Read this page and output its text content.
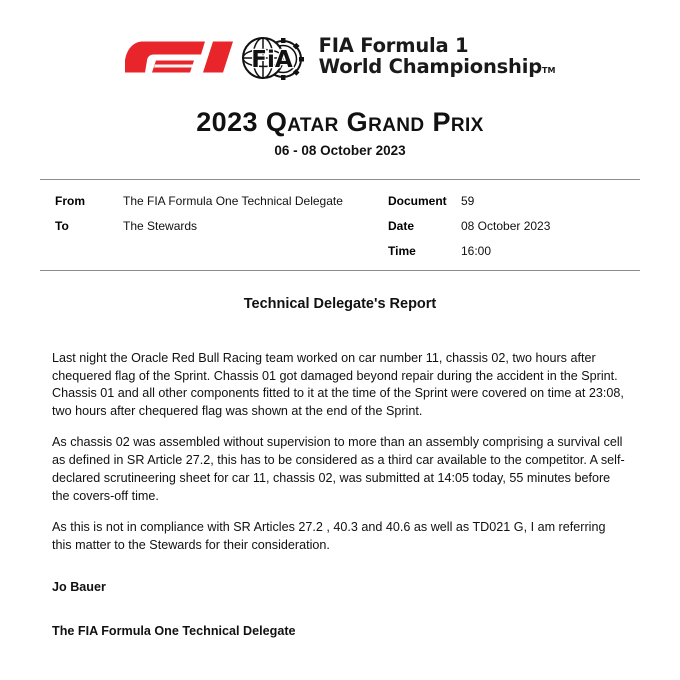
FiA
FIA Formula 1
World ChampionshipTM
2023 Qatar Grand Prix
06 - 08 October 2023
From	The FIA Formula One Technical Delegate
To	The Stewards
Document	59
Date	08 October 2023
Time	16:00
Technical Delegate's Report

Last night the Oracle Red Bull Racing team worked on car number 11, chassis 02, two hours after chequered flag of the Sprint. Chassis 01 got damaged beyond repair during the accident in the Sprint. Chassis 01 and all other components fitted to it at the time of the Sprint were covered on time at 23:08, two hours after chequered flag was shown at the end of the Sprint.

As chassis 02 was assembled without supervision to more than an assembly comprising a survival cell as defined in SR Article 27.2, this has to be considered as a third car available to the competitor. A self-declared scrutineering sheet for car 11, chassis 02, was submitted at 14:05 today, 55 minutes before the covers-off time.

As this is not in compliance with SR Articles 27.2 , 40.3 and 40.6 as well as TD021 G, I am referring this matter to the Stewards for their consideration.

Jo Bauer
The FIA Formula One Technical Delegate
